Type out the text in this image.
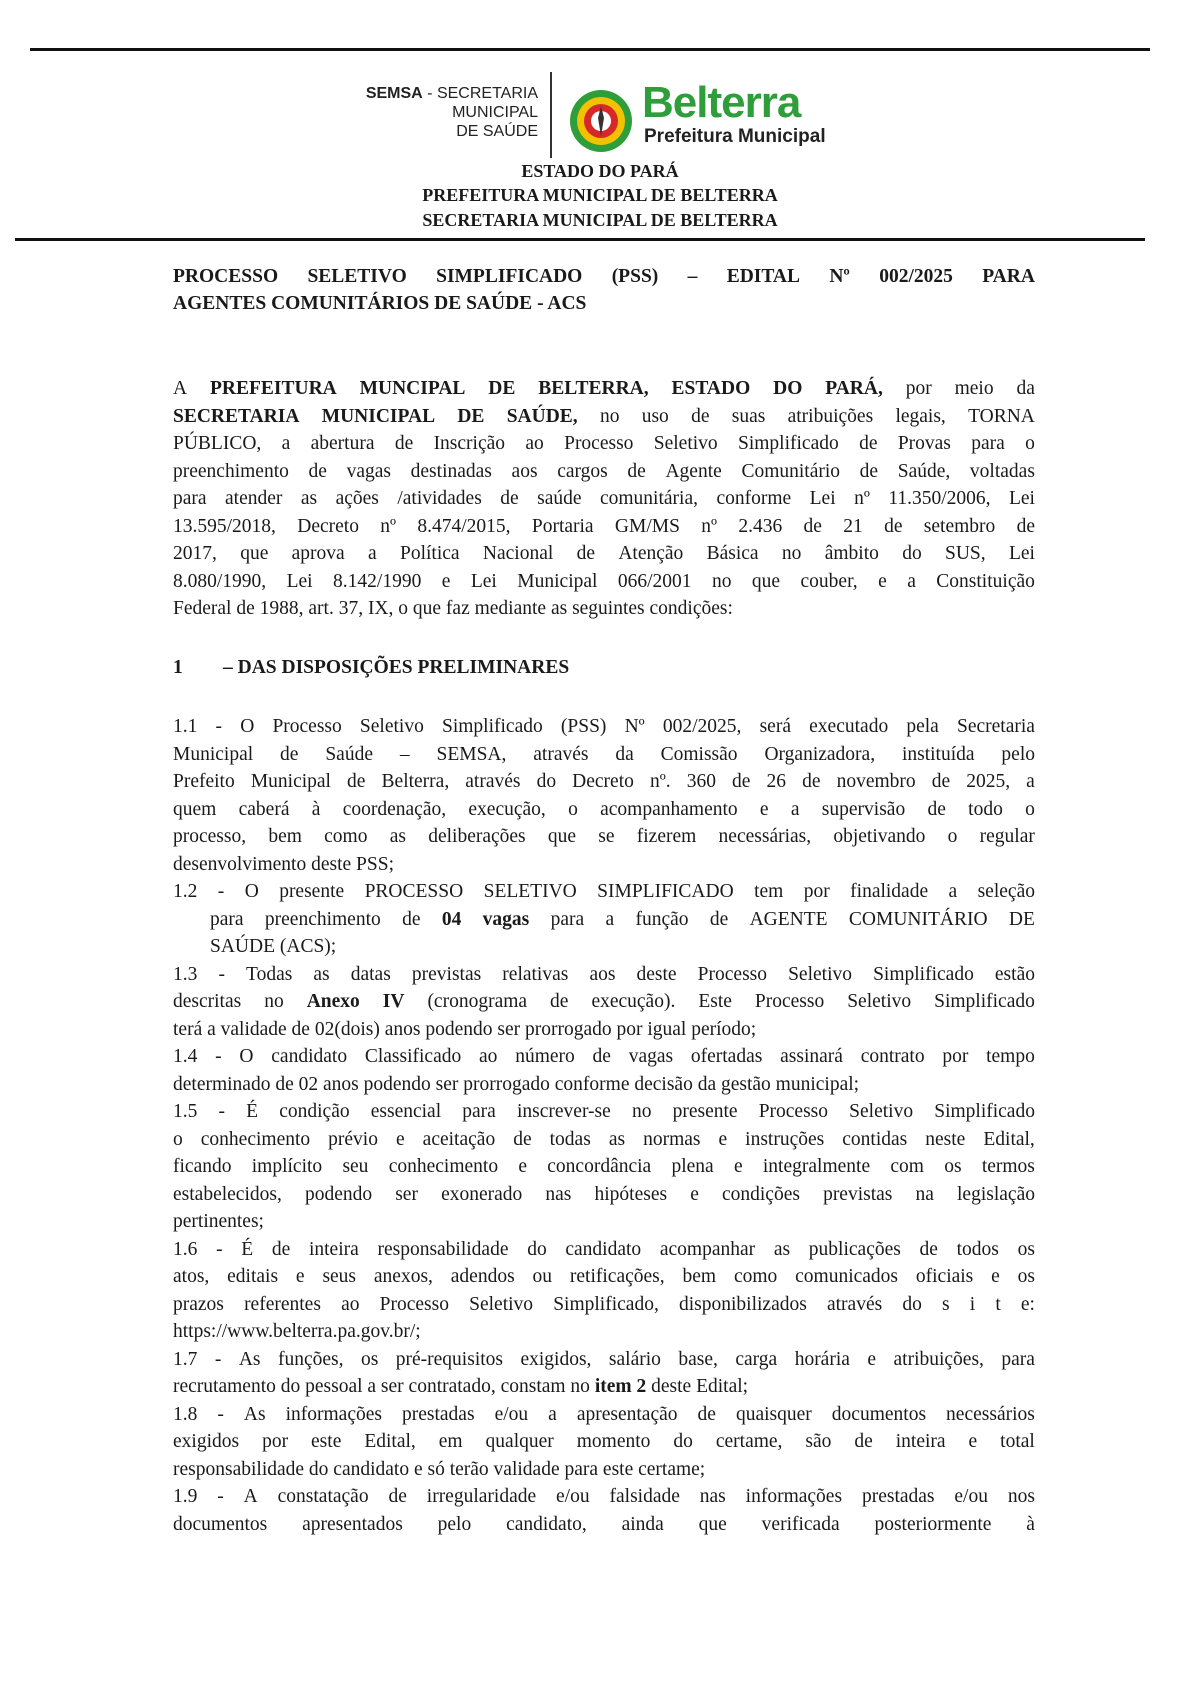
SEMSA - SECRETARIA
MUNICIPAL
DE SAÚDE
Belterra
Prefeitura Municipal
ESTADO DO PARÁ
PREFEITURA MUNICIPAL DE BELTERRA
SECRETARIA MUNICIPAL DE BELTERRA
PROCESSO SELETIVO SIMPLIFICADO (PSS) – EDITAL Nº 002/2025 PARA
AGENTES COMUNITÁRIOS DE SAÚDE - ACS
A PREFEITURA MUNCIPAL DE BELTERRA, ESTADO DO PARÁ, por meio da
SECRETARIA MUNICIPAL DE SAÚDE, no uso de suas atribuições legais, TORNA
PÚBLICO, a abertura de Inscrição ao Processo Seletivo Simplificado de Provas para o
preenchimento de vagas destinadas aos cargos de Agente Comunitário de Saúde, voltadas
para atender as ações /atividades de saúde comunitária, conforme Lei nº 11.350/2006, Lei
13.595/2018, Decreto nº 8.474/2015, Portaria GM/MS nº 2.436 de 21 de setembro de
2017, que aprova a Política Nacional de Atenção Básica no âmbito do SUS, Lei
8.080/1990, Lei 8.142/1990 e Lei Municipal 066/2001 no que couber, e a Constituição
Federal de 1988, art. 37, IX, o que faz mediante as seguintes condições:
1 – DAS DISPOSIÇÕES PRELIMINARES
1.1 - O Processo Seletivo Simplificado (PSS) Nº 002/2025, será executado pela Secretaria
Municipal de Saúde – SEMSA, através da Comissão Organizadora, instituída pelo
Prefeito Municipal de Belterra, através do Decreto nº. 360 de 26 de novembro de 2025, a
quem caberá à coordenação, execução, o acompanhamento e a supervisão de todo o
processo, bem como as deliberações que se fizerem necessárias, objetivando o regular
desenvolvimento deste PSS;
1.2 - O presente PROCESSO SELETIVO SIMPLIFICADO tem por finalidade a seleção
para preenchimento de 04 vagas para a função de AGENTE COMUNITÁRIO DE
SAÚDE (ACS);
1.3 - Todas as datas previstas relativas aos deste Processo Seletivo Simplificado estão
descritas no Anexo IV (cronograma de execução). Este Processo Seletivo Simplificado
terá a validade de 02(dois) anos podendo ser prorrogado por igual período;
1.4 - O candidato Classificado ao número de vagas ofertadas assinará contrato por tempo
determinado de 02 anos podendo ser prorrogado conforme decisão da gestão municipal;
1.5 - É condição essencial para inscrever-se no presente Processo Seletivo Simplificado
o conhecimento prévio e aceitação de todas as normas e instruções contidas neste Edital,
ficando implícito seu conhecimento e concordância plena e integralmente com os termos
estabelecidos, podendo ser exonerado nas hipóteses e condições previstas na legislação
pertinentes;
1.6 - É de inteira responsabilidade do candidato acompanhar as publicações de todos os
atos, editais e seus anexos, adendos ou retificações, bem como comunicados oficiais e os
prazos referentes ao Processo Seletivo Simplificado, disponibilizados através do s i t e:
https://www.belterra.pa.gov.br/;
1.7 - As funções, os pré-requisitos exigidos, salário base, carga horária e atribuições, para
recrutamento do pessoal a ser contratado, constam no item 2 deste Edital;
1.8 - As informações prestadas e/ou a apresentação de quaisquer documentos necessários
exigidos por este Edital, em qualquer momento do certame, são de inteira e total
responsabilidade do candidato e só terão validade para este certame;
1.9 - A constatação de irregularidade e/ou falsidade nas informações prestadas e/ou nos
documentos apresentados pelo candidato, ainda que verificada posteriormente à
